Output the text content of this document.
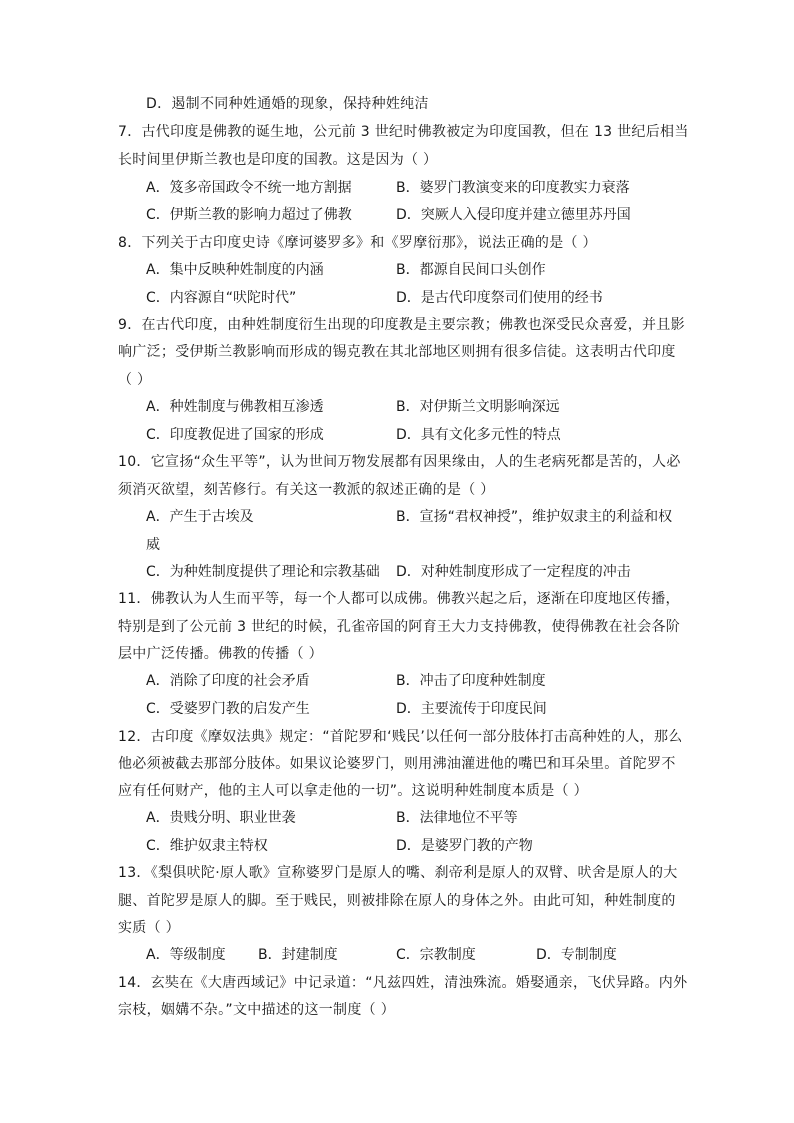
D．遏制不同种姓通婚的现象，保持种姓纯洁
7．古代印度是佛教的诞生地，公元前 3 世纪时佛教被定为印度国教，但在 13 世纪后相当
长时间里伊斯兰教也是印度的国教。这是因为（ ）
A．笈多帝国政令不统一地方割据	B．婆罗门教演变来的印度教实力衰落
C．伊斯兰教的影响力超过了佛教	D．突厥人入侵印度并建立德里苏丹国
8．下列关于古印度史诗《摩诃婆罗多》和《罗摩衍那》，说法正确的是（ ）
A．集中反映种姓制度的内涵	B．都源自民间口头创作
C．内容源自“吠陀时代”	D．是古代印度祭司们使用的经书
9．在古代印度，由种姓制度衍生出现的印度教是主要宗教；佛教也深受民众喜爱，并且影
响广泛；受伊斯兰教影响而形成的锡克教在其北部地区则拥有很多信徒。这表明古代印度
（ ）
A．种姓制度与佛教相互渗透	B．对伊斯兰文明影响深远
C．印度教促进了国家的形成	D．具有文化多元性的特点
10．它宣扬“众生平等”，认为世间万物发展都有因果缘由，人的生老病死都是苦的，人必
须消灭欲望，刻苦修行。有关这一教派的叙述正确的是（ ）
A．产生于古埃及	B．宣扬“君权神授”，维护奴隶主的利益和权
威
C．为种姓制度提供了理论和宗教基础 D．对种姓制度形成了一定程度的冲击
11．佛教认为人生而平等，每一个人都可以成佛。佛教兴起之后，逐渐在印度地区传播，
特别是到了公元前 3 世纪的时候，孔雀帝国的阿育王大力支持佛教，使得佛教在社会各阶
层中广泛传播。佛教的传播（ ）
A．消除了印度的社会矛盾	B．冲击了印度种姓制度
C．受婆罗门教的启发产生	D．主要流传于印度民间
12．古印度《摩奴法典》规定：“首陀罗和‘贱民’以任何一部分肢体打击高种姓的人，那么
他必须被截去那部分肢体。如果议论婆罗门，则用沸油灌进他的嘴巴和耳朵里。首陀罗不
应有任何财产，他的主人可以拿走他的一切”。这说明种姓制度本质是（ ）
A．贵贱分明、职业世袭	B．法律地位不平等
C．维护奴隶主特权	D．是婆罗门教的产物
13．《梨俱吠陀·原人歌》宣称婆罗门是原人的嘴、刹帝利是原人的双臂、吠舍是原人的大
腿、首陀罗是原人的脚。至于贱民，则被排除在原人的身体之外。由此可知，种姓制度的
实质（ ）
A．等级制度 B．封建制度	C．宗教制度	D．专制制度
14．玄奘在《大唐西域记》中记录道：“凡兹四姓，清浊殊流。婚娶通亲，飞伏异路。内外
宗枝，姻媾不杂。”文中描述的这一制度（ ）
